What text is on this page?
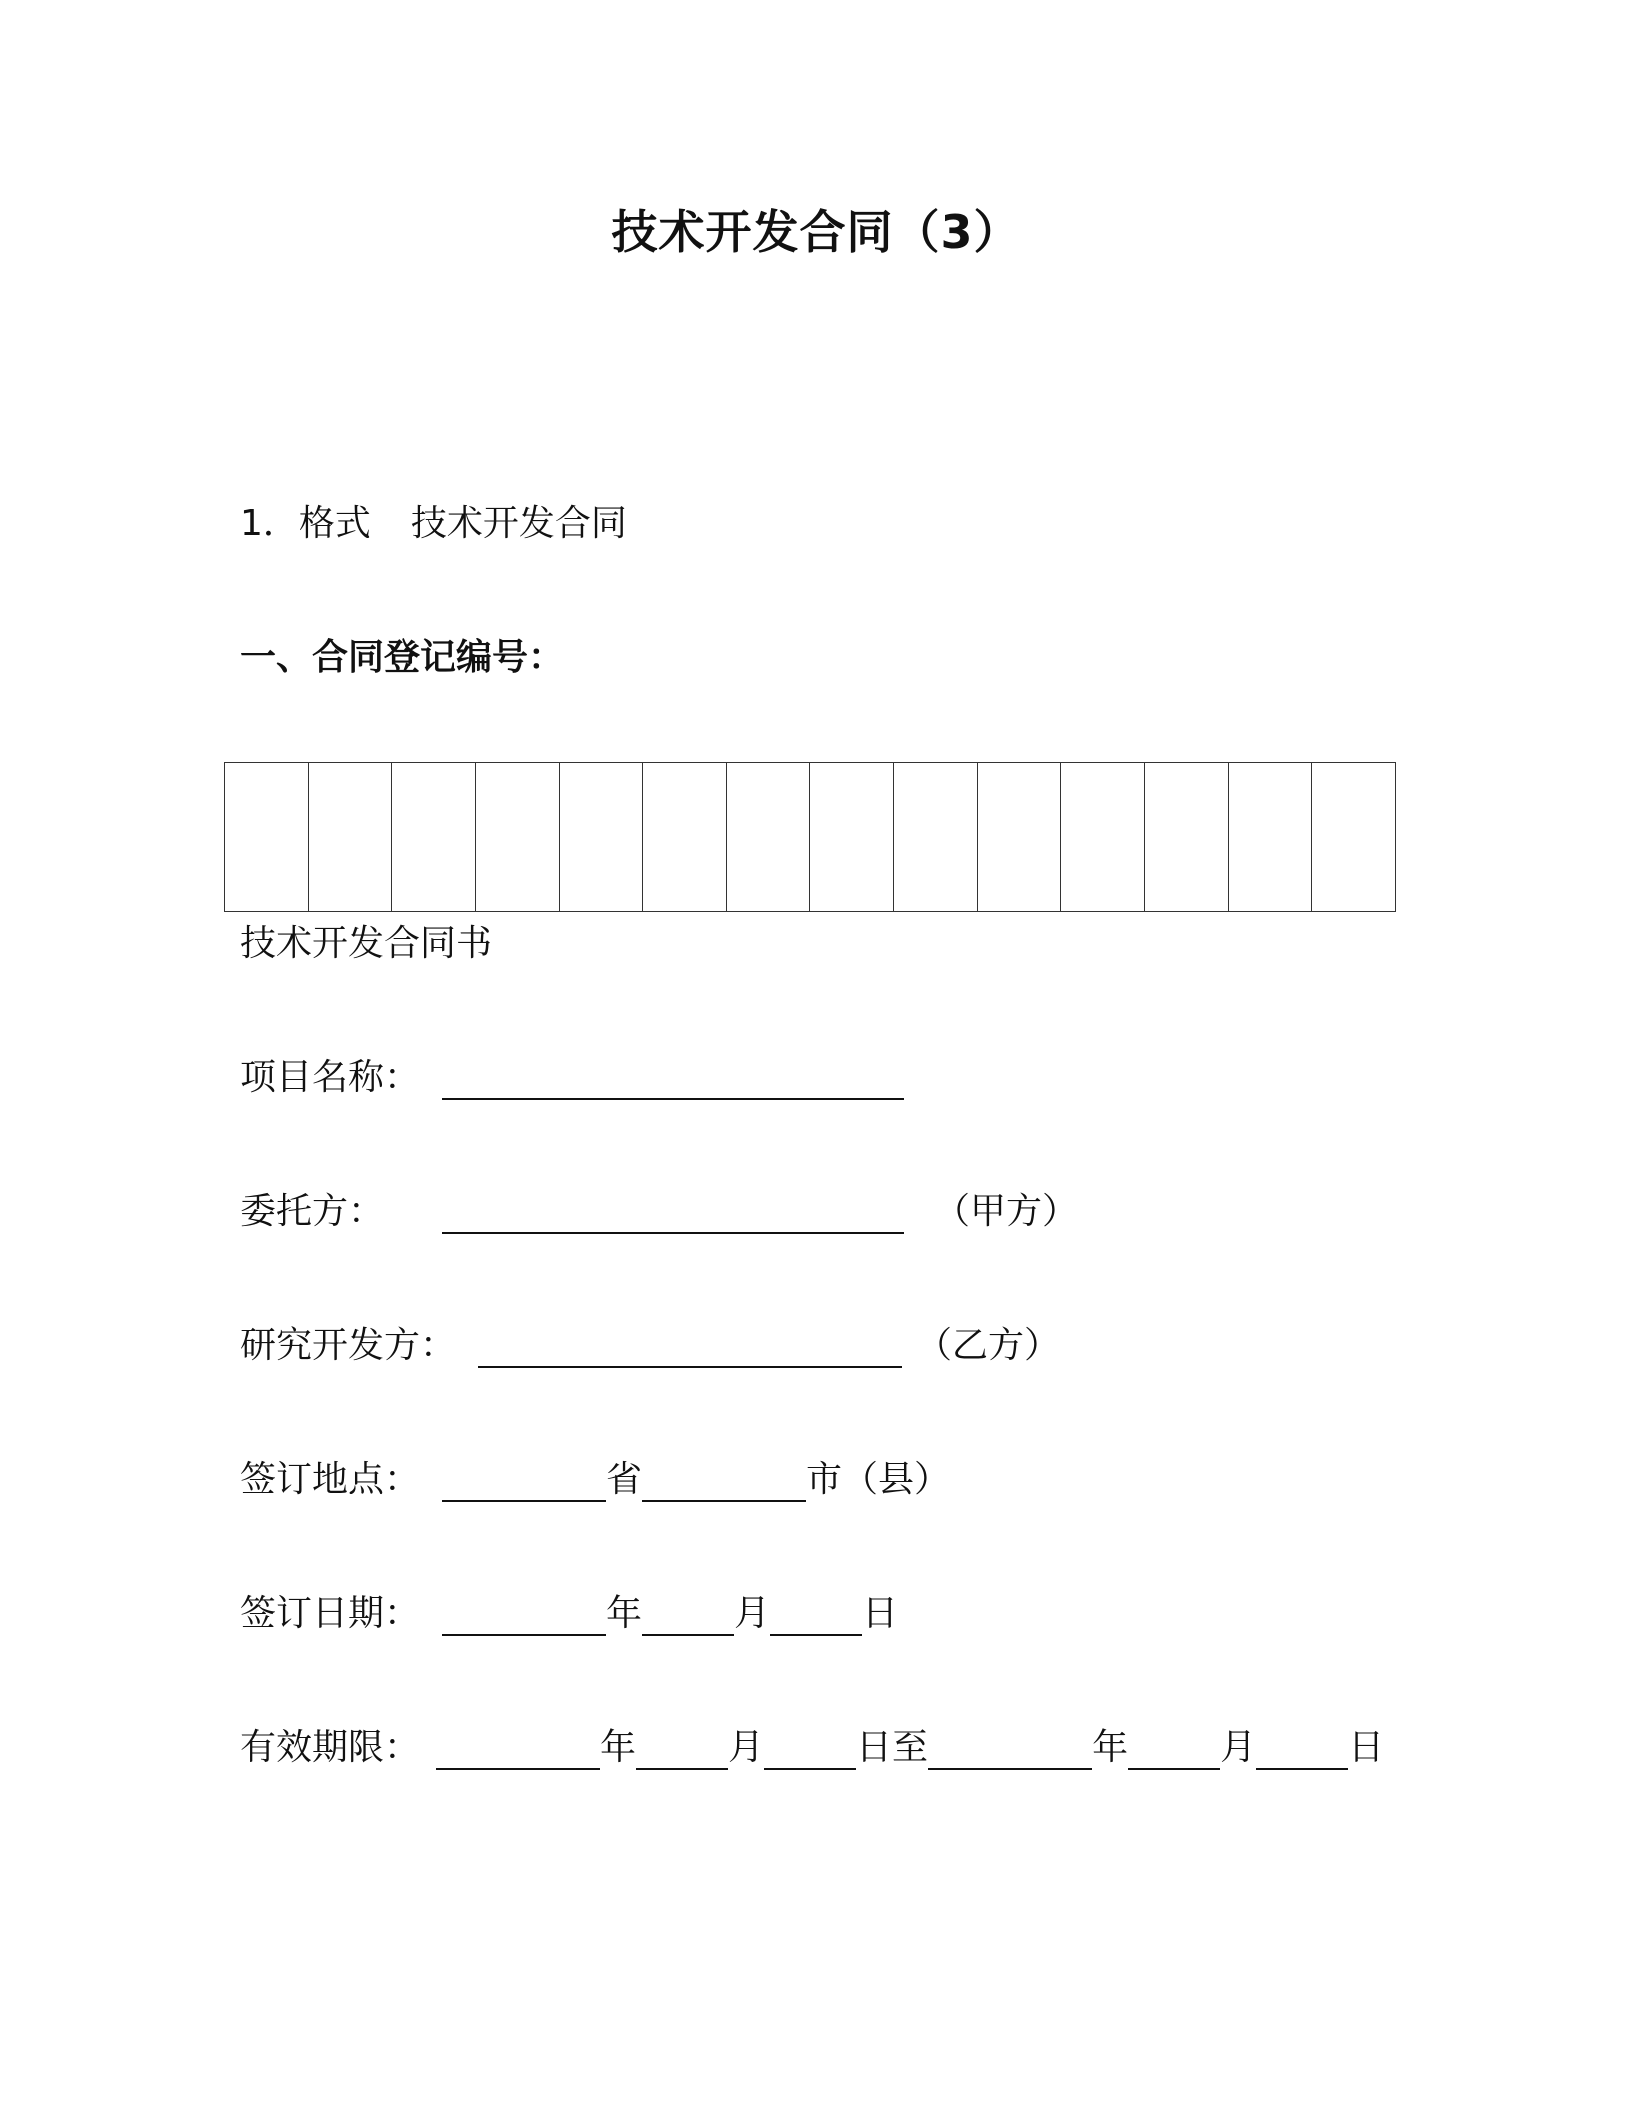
技术开发合同（3）
1． 格式 技术开发合同
一、合同登记编号：

技术开发合同书
项目名称：
委托方：	（甲方）
研究开发方：	（乙方）
签订地点：	省	市（县）
签订日期：	年	月	日
有效期限：	年	月	日至	年	月	日
